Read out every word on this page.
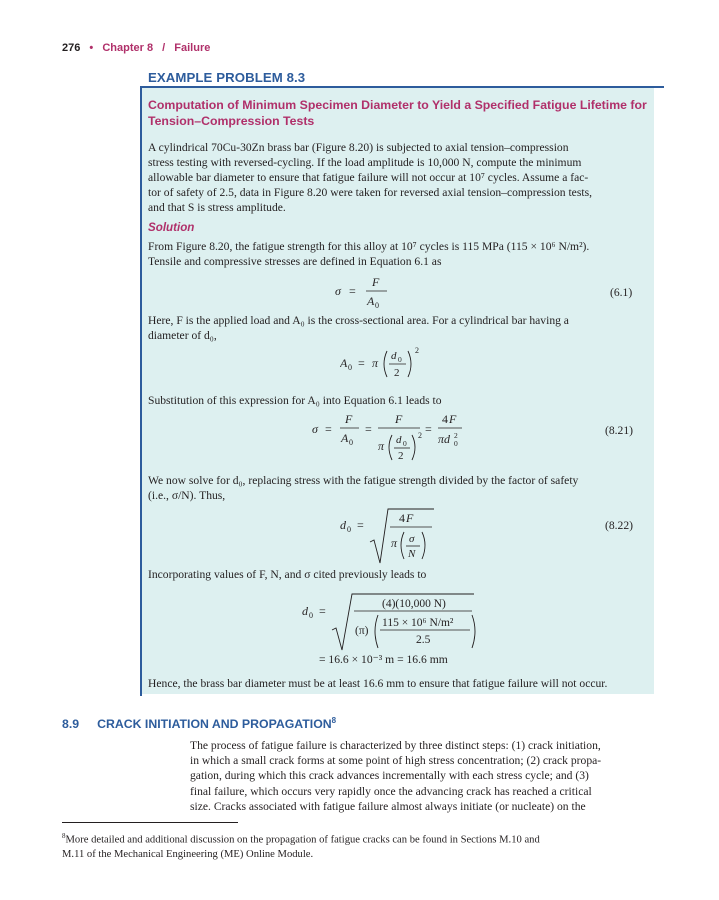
276 • Chapter 8 / Failure
EXAMPLE PROBLEM 8.3
Computation of Minimum Specimen Diameter to Yield a Specified Fatigue Lifetime for Tension–Compression Tests

A cylindrical 70Cu-30Zn brass bar (Figure 8.20) is subjected to axial tension–compression

stress testing with reversed-cycling. If the load amplitude is 10,000 N, compute the minimum

allowable bar diameter to ensure that fatigue failure will not occur at 10⁷ cycles. Assume a fac-

tor of safety of 2.5, data in Figure 8.20 were taken for reversed axial tension–compression tests,

and that S is stress amplitude.

Solution

From Figure 8.20, the fatigue strength for this alloy at 10⁷ cycles is 115 MPa (115 × 10⁶ N/m²).

Tensile and compressive stresses are defined in Equation 6.1 as

σ =
F
A 0
(6.1)

Here, F is the applied load and A₀ is the cross-sectional area. For a cylindrical bar having a

diameter of d₀,

A 0 = π d 0
2
2

Substitution of this expression for A₀ into Equation 6.1 leads to

σ =
F
A 0
=
F
π d 0
2
2 =
4 F
πd 2
0
(8.21)

We now solve for d₀, replacing stress with the fatigue strength divided by the factor of safety

(i.e., σ/N). Thus,

d 0 =	4 F
π σ
N
(8.22)

Incorporating values of F, N, and σ cited previously leads to

d 0 =	(4)(10,000 N)
(π)
115 × 10⁶ N/m²
2.5
= 16.6 × 10⁻³ m = 16.6 mm

Hence, the brass bar diameter must be at least 16.6 mm to ensure that fatigue failure will not occur.

8.9 CRACK INITIATION AND PROPAGATION$^8$
The process of fatigue failure is characterized by three distinct steps: (1) crack initiation,
in which a small crack forms at some point of high stress concentration; (2) crack propa-
gation, during which this crack advances incrementally with each stress cycle; and (3)
final failure, which occurs very rapidly once the advancing crack has reached a critical
size. Cracks associated with fatigue failure almost always initiate (or nucleate) on the
$^8$More detailed and additional discussion on the propagation of fatigue cracks can be found in Sections M.10 and
M.11 of the Mechanical Engineering (ME) Online Module.
